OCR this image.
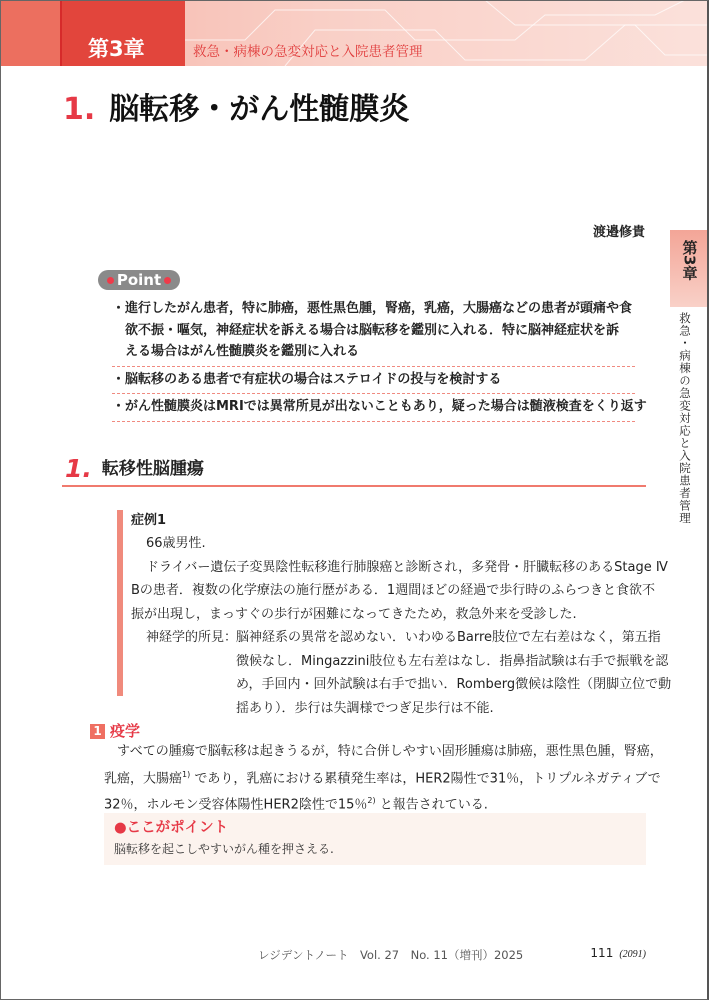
第3章	救急・病棟の急変対応と入院患者管理
1. 脳転移・がん性髄膜炎
渡邉修貴
第3章
救急・病棟の急変対応と入院患者管理
Point
・進行したがん患者，特に肺癌，悪性黒色腫，腎癌，乳癌，大腸癌などの患者が頭痛や食
欲不振・嘔気，神経症状を訴える場合は脳転移を鑑別に入れる．特に脳神経症状を訴
える場合はがん性髄膜炎を鑑別に入れる
・脳転移のある患者で有症状の場合はステロイドの投与を検討する
・がん性髄膜炎はMRIでは異常所見が出ないこともあり，疑った場合は髄液検査をくり返す
1. 転移性脳腫瘍
症例1
66歳男性.
ドライバー遺伝子変異陰性転移進行肺腺癌と診断され，多発骨・肝臓転移のあるStage Ⅳ
Bの患者．複数の化学療法の施行歴がある．1週間ほどの経過で歩行時のふらつきと食欲不
振が出現し，まっすぐの歩行が困難になってきたため，救急外来を受診した.
神経学的所見：
脳神経系の異常を認めない．いわゆるBarre肢位で左右差はなく，第五指
徴候なし．Mingazzini肢位も左右差はなし．指鼻指試験は右手で振戦を認
め，手回内・回外試験は右手で拙い．Romberg徴候は陰性（閉脚立位で動
揺あり）．歩行は失調様でつぎ足歩行は不能.
1 疫学
すべての腫瘍で脳転移は起きうるが，特に合併しやすい固形腫瘍は肺癌，悪性黒色腫，腎癌，
乳癌，大腸癌$^{1)}$ であり，乳癌における累積発生率は，HER2陽性で31％，トリプルネガティブで
32％，ホルモン受容体陽性HER2陰性で15％$^{2)}$ と報告されている.
●ここがポイント
脳転移を起こしやすいがん種を押さえる.
レジデントノート　Vol. 27　No. 11（増刊）2025	111 (2091)
